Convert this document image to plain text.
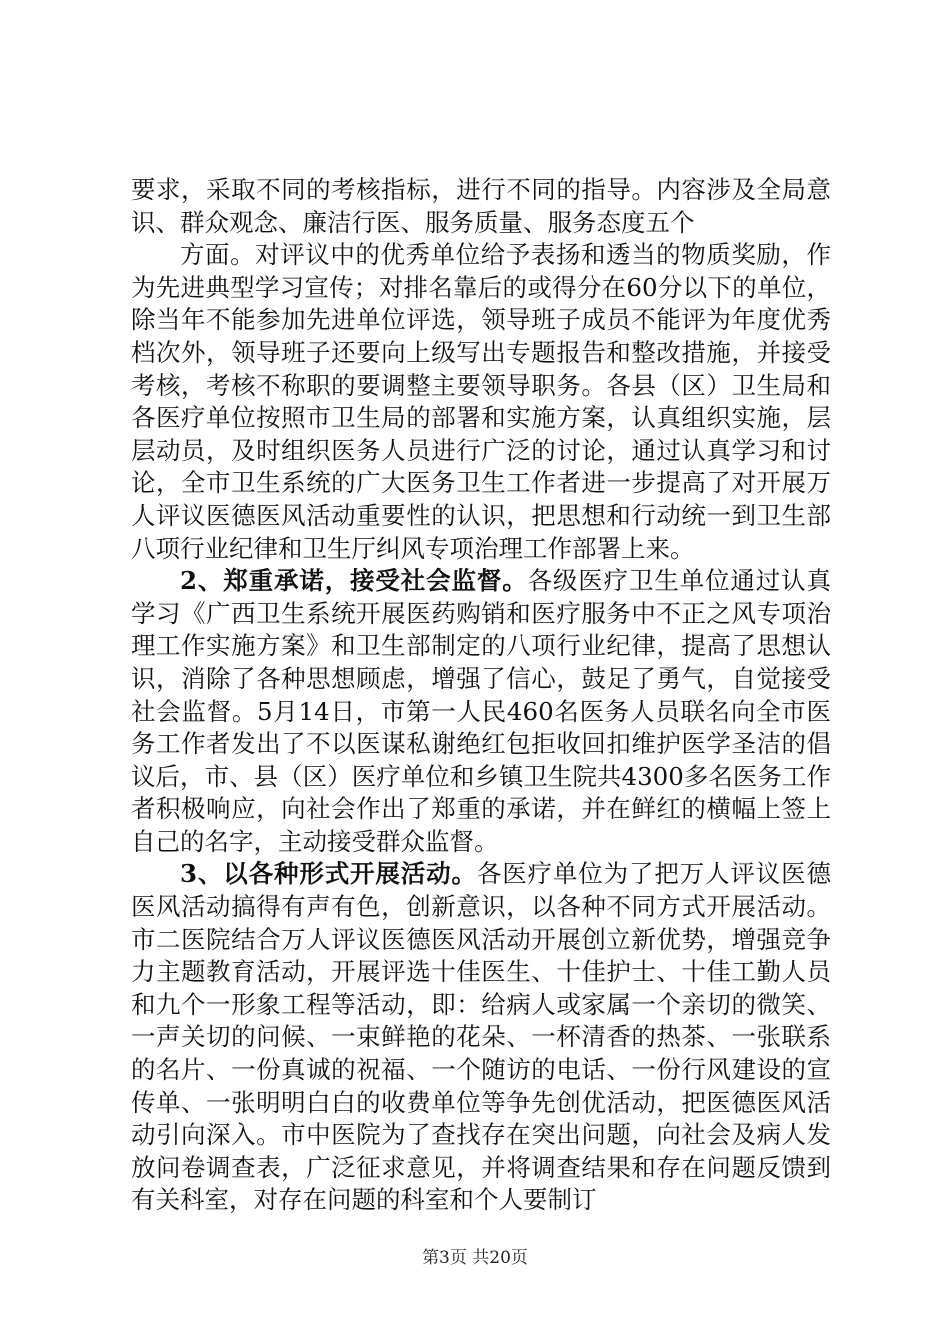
要求，采取不同的考核指标，进行不同的指导。内容涉及全局意识、群众观念、廉洁行医、服务质量、服务态度五个

方面。对评议中的优秀单位给予表扬和透当的物质奖励，作为先进典型学习宣传；对排名靠后的或得分在60分以下的单位，除当年不能参加先进单位评选，领导班子成员不能评为年度优秀档次外，领导班子还要向上级写出专题报告和整改措施，并接受考核，考核不称职的要调整主要领导职务。各县（区）卫生局和各医疗单位按照市卫生局的部署和实施方案，认真组织实施，层层动员，及时组织医务人员进行广泛的讨论，通过认真学习和讨论，全市卫生系统的广大医务卫生工作者进一步提高了对开展万人评议医德医风活动重要性的认识，把思想和行动统一到卫生部八项行业纪律和卫生厅纠风专项治理工作部署上来。

2、郑重承诺，接受社会监督。各级医疗卫生单位通过认真学习《广西卫生系统开展医药购销和医疗服务中不正之风专项治理工作实施方案》和卫生部制定的八项行业纪律，提高了思想认识，消除了各种思想顾虑，增强了信心，鼓足了勇气，自觉接受社会监督。5月14日，市第一人民460名医务人员联名向全市医务工作者发出了不以医谋私谢绝红包拒收回扣维护医学圣洁的倡议后，市、县（区）医疗单位和乡镇卫生院共4300多名医务工作者积极响应，向社会作出了郑重的承诺，并在鲜红的横幅上签上自己的名字，主动接受群众监督。

3、以各种形式开展活动。各医疗单位为了把万人评议医德医风活动搞得有声有色，创新意识，以各种不同方式开展活动。市二医院结合万人评议医德医风活动开展创立新优势，增强竞争力主题教育活动，开展评选十佳医生、十佳护士、十佳工勤人员和九个一形象工程等活动，即：给病人或家属一个亲切的微笑、一声关切的问候、一束鲜艳的花朵、一杯清香的热茶、一张联系的名片、一份真诚的祝福、一个随访的电话、一份行风建设的宣传单、一张明明白白的收费单位等争先创优活动，把医德医风活动引向深入。市中医院为了查找存在突出问题，向社会及病人发放问卷调查表，广泛征求意见，并将调查结果和存在问题反馈到有关科室，对存在问题的科室和个人要制订

第3页 共20页
